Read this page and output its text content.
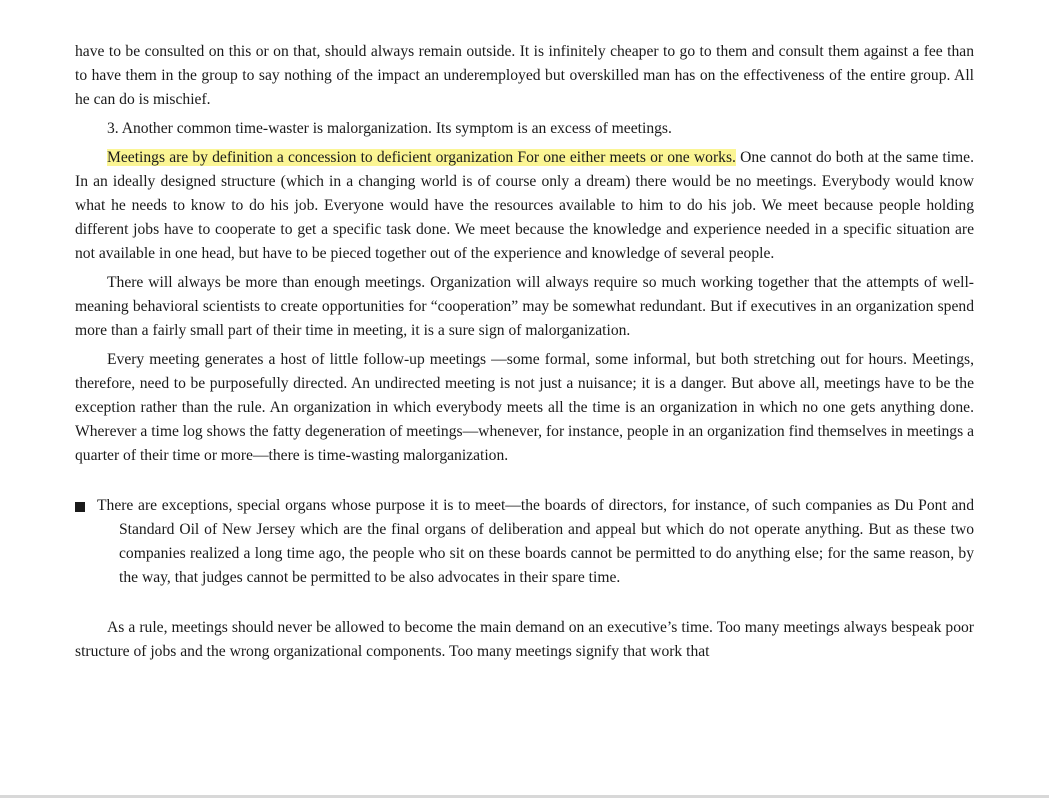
have to be consulted on this or on that, should always remain outside. It is infinitely cheaper to go to them and consult them against a fee than to have them in the group to say nothing of the impact an underemployed but overskilled man has on the effectiveness of the entire group. All he can do is mischief.

3. Another common time-waster is malorganization. Its symptom is an excess of meetings.

Meetings are by definition a concession to deficient organization For one either meets or one works. One cannot do both at the same time. In an ideally designed structure (which in a changing world is of course only a dream) there would be no meetings. Everybody would know what he needs to know to do his job. Everyone would have the resources available to him to do his job. We meet because people holding different jobs have to cooperate to get a specific task done. We meet because the knowledge and experience needed in a specific situation are not available in one head, but have to be pieced together out of the experience and knowledge of several people.

There will always be more than enough meetings. Organization will always require so much working together that the attempts of well-meaning behavioral scientists to create opportunities for “cooperation” may be somewhat redundant. But if executives in an organization spend more than a fairly small part of their time in meeting, it is a sure sign of malorganization.

Every meeting generates a host of little follow-up meetings —some formal, some informal, but both stretching out for hours. Meetings, therefore, need to be purposefully directed. An undirected meeting is not just a nuisance; it is a danger. But above all, meetings have to be the exception rather than the rule. An organization in which everybody meets all the time is an organization in which no one gets anything done. Wherever a time log shows the fatty degeneration of meetings—whenever, for instance, people in an organization find themselves in meetings a quarter of their time or more—there is time-wasting malorganization.

There are exceptions, special organs whose purpose it is to meet—the boards of directors, for instance, of such companies as Du Pont and Standard Oil of New Jersey which are the final organs of deliberation and appeal but which do not operate anything. But as these two companies realized a long time ago, the people who sit on these boards cannot be permitted to do anything else; for the same reason, by the way, that judges cannot be permitted to be also advocates in their spare time.

As a rule, meetings should never be allowed to become the main demand on an executive’s time. Too many meetings always bespeak poor structure of jobs and the wrong organizational components. Too many meetings signify that work that
